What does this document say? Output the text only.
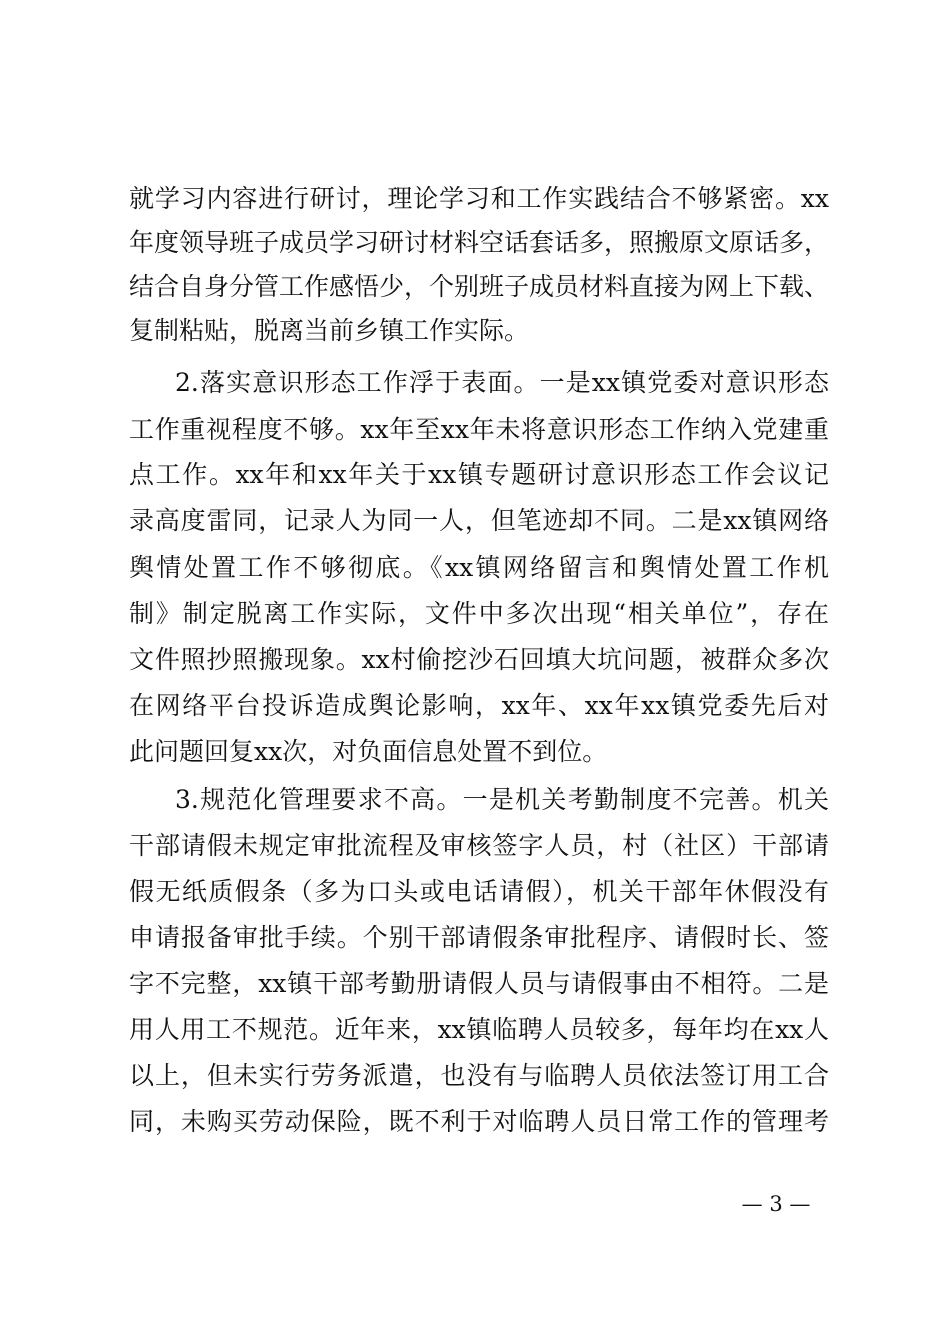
就学习内容进行研讨，理论学习和工作实践结合不够紧密。xx
年度领导班子成员学习研讨材料空话套话多，照搬原文原话多，
结合自身分管工作感悟少，个别班子成员材料直接为网上下载、
复制粘贴，脱离当前乡镇工作实际。
2.落实意识形态工作浮于表面。一是xx镇党委对意识形态
工作重视程度不够。xx年至xx年未将意识形态工作纳入党建重
点工作。xx年和xx年关于xx镇专题研讨意识形态工作会议记
录高度雷同，记录人为同一人，但笔迹却不同。二是xx镇网络
舆情处置工作不够彻底。《xx镇网络留言和舆情处置工作机
制》制定脱离工作实际，文件中多次出现“相关单位”，存在
文件照抄照搬现象。xx村偷挖沙石回填大坑问题，被群众多次
在网络平台投诉造成舆论影响，xx年、xx年xx镇党委先后对
此问题回复xx次，对负面信息处置不到位。
3.规范化管理要求不高。一是机关考勤制度不完善。机关
干部请假未规定审批流程及审核签字人员，村（社区）干部请
假无纸质假条（多为口头或电话请假），机关干部年休假没有
申请报备审批手续。个别干部请假条审批程序、请假时长、签
字不完整，xx镇干部考勤册请假人员与请假事由不相符。二是
用人用工不规范。近年来，xx镇临聘人员较多，每年均在xx人
以上，但未实行劳务派遣，也没有与临聘人员依法签订用工合
同，未购买劳动保险，既不利于对临聘人员日常工作的管理考
— 3 —
